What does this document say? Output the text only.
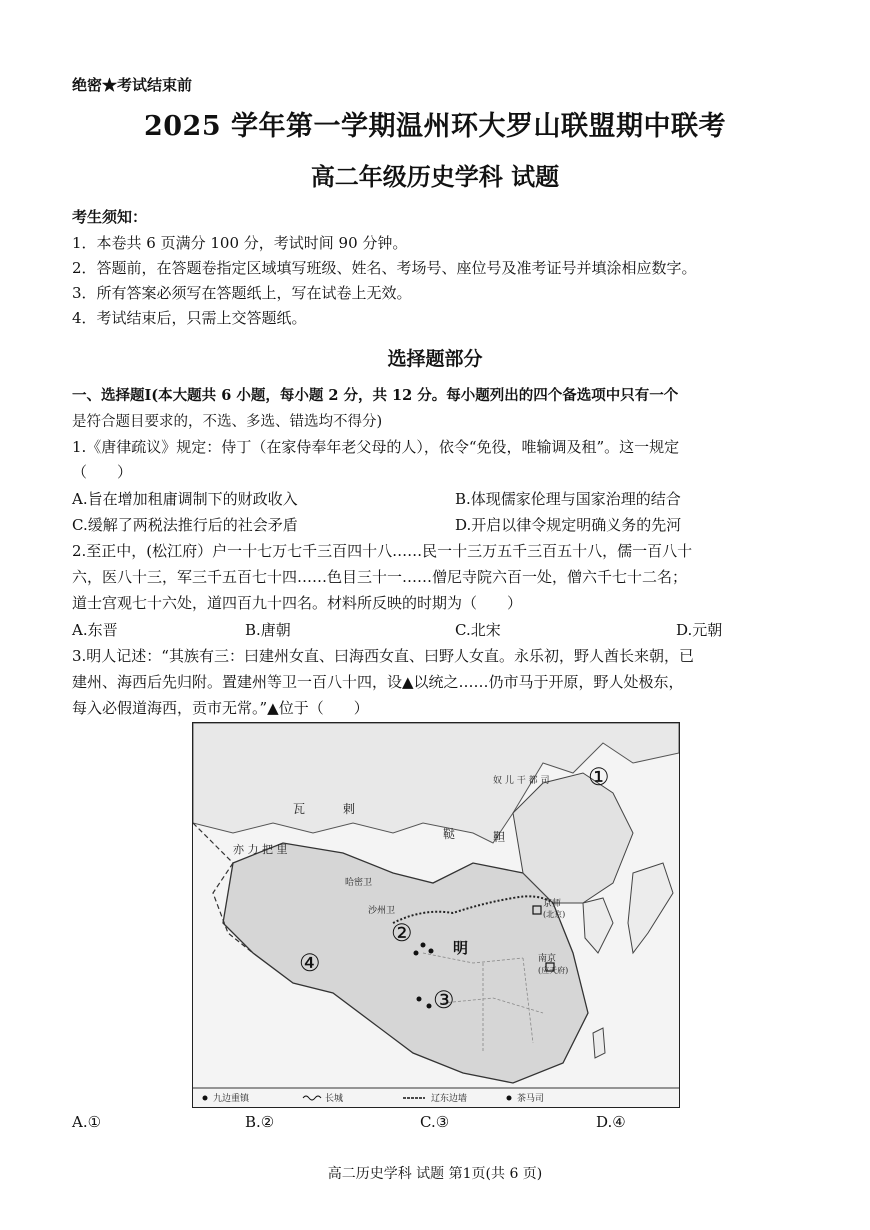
绝密★考试结束前
2025 学年第一学期温州环大罗山联盟期中联考
高二年级历史学科 试题
考生须知：
1．本卷共 6 页满分 100 分，考试时间 90 分钟。
2．答题前，在答题卷指定区域填写班级、姓名、考场号、座位号及准考证号并填涂相应数字。
3．所有答案必须写在答题纸上，写在试卷上无效。
4．考试结束后，只需上交答题纸。
选择题部分
一、选择题Ⅰ(本大题共 6 小题，每小题 2 分，共 12 分。每小题列出的四个备选项中只有一个
是符合题目要求的，不选、多选、错选均不得分)
1.《唐律疏议》规定：侍丁（在家侍奉年老父母的人），依令“免役，唯输调及租”。这一规定
（　　）
A.旨在增加租庸调制下的财政收入	B.体现儒家伦理与国家治理的结合
C.缓解了两税法推行后的社会矛盾	D.开启以律令规定明确义务的先河
2.至正中，(松江府）户一十七万七千三百四十八……民一十三万五千三百五十八，儒一百八十
六，医八十三，军三千五百七十四……色目三十一……僧尼寺院六百一处，僧六千七十二名；
道士宫观七十六处，道四百九十四名。材料所反映的时期为（　　）
A.东晋	B.唐朝	C.北宋	D.元朝
3.明人记述：“其族有三：曰建州女直、曰海西女直、曰野人女直。永乐初，野人酋长来朝，已
建州、海西后先归附。置建州等卫一百八十四，设▲以统之……仍市马于开原，野人处极东，
每入必假道海西，贡市无常。”▲位于（　　）
瓦	剌
鞑	靼
亦 力 把 里
哈密卫
沙州卫
明
京师
(北京)
南京
(应天府)
奴 儿 干 都 司 ①
②
③
④
九边重镇	长城	辽东边墙	茶马司
A.①	B.②	C.③	D.④
高二历史学科 试题 第1页(共 6 页)
